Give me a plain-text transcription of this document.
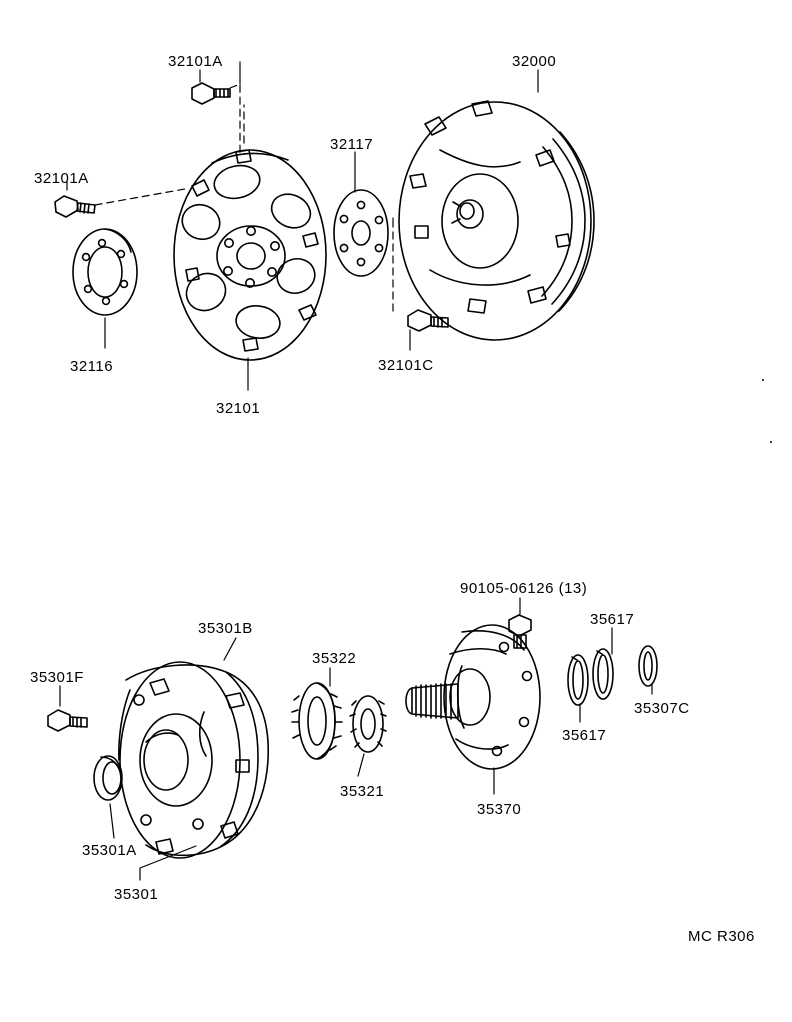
32101A	32000
32117
32101A
32116	32101C
32101
90105-06126 (13)
35617
35301B
35322
35301F
35307C
35617
35321
35370
35301A
35301
MC R306
